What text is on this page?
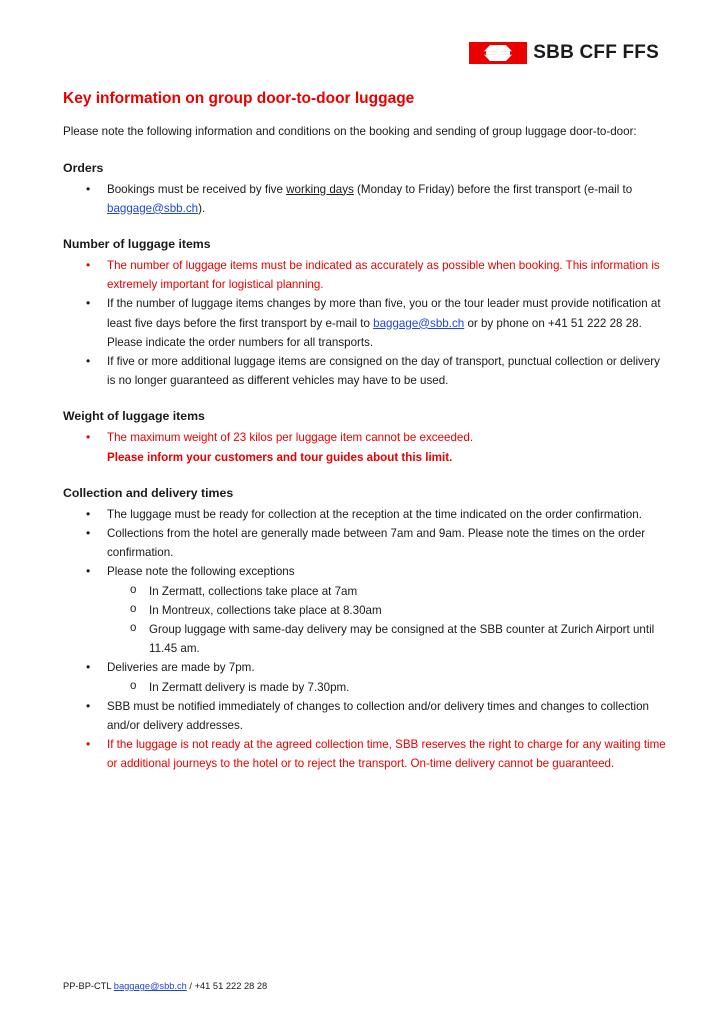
SBB CFF FFS
Key information on group door-to-door luggage

Please note the following information and conditions on the booking and sending of group luggage door-to-door:

Orders
• Bookings must be received by five working days (Monday to Friday) before the first transport (e-mail to baggage@sbb.ch).
Number of luggage items
• The number of luggage items must be indicated as accurately as possible when booking. This information is extremely important for logistical planning.
• If the number of luggage items changes by more than five, you or the tour leader must provide notification at least five days before the first transport by e-mail to baggage@sbb.ch or by phone on +41 51 222 28 28. Please indicate the order numbers for all transports.
• If five or more additional luggage items are consigned on the day of transport, punctual collection or delivery is no longer guaranteed as different vehicles may have to be used.
Weight of luggage items
• The maximum weight of 23 kilos per luggage item cannot be exceeded.
Please inform your customers and tour guides about this limit.
Collection and delivery times
• The luggage must be ready for collection at the reception at the time indicated on the order confirmation.
• Collections from the hotel are generally made between 7am and 9am. Please note the times on the order confirmation.
• Please note the following exceptions
o In Zermatt, collections take place at 7am
o In Montreux, collections take place at 8.30am
o Group luggage with same-day delivery may be consigned at the SBB counter at Zurich Airport until 11.45 am.
• Deliveries are made by 7pm.
o In Zermatt delivery is made by 7.30pm.
• SBB must be notified immediately of changes to collection and/or delivery times and changes to collection and/or delivery addresses.
• If the luggage is not ready at the agreed collection time, SBB reserves the right to charge for any waiting time or additional journeys to the hotel or to reject the transport. On-time delivery cannot be guaranteed.
PP-BP-CTL baggage@sbb.ch / +41 51 222 28 28
